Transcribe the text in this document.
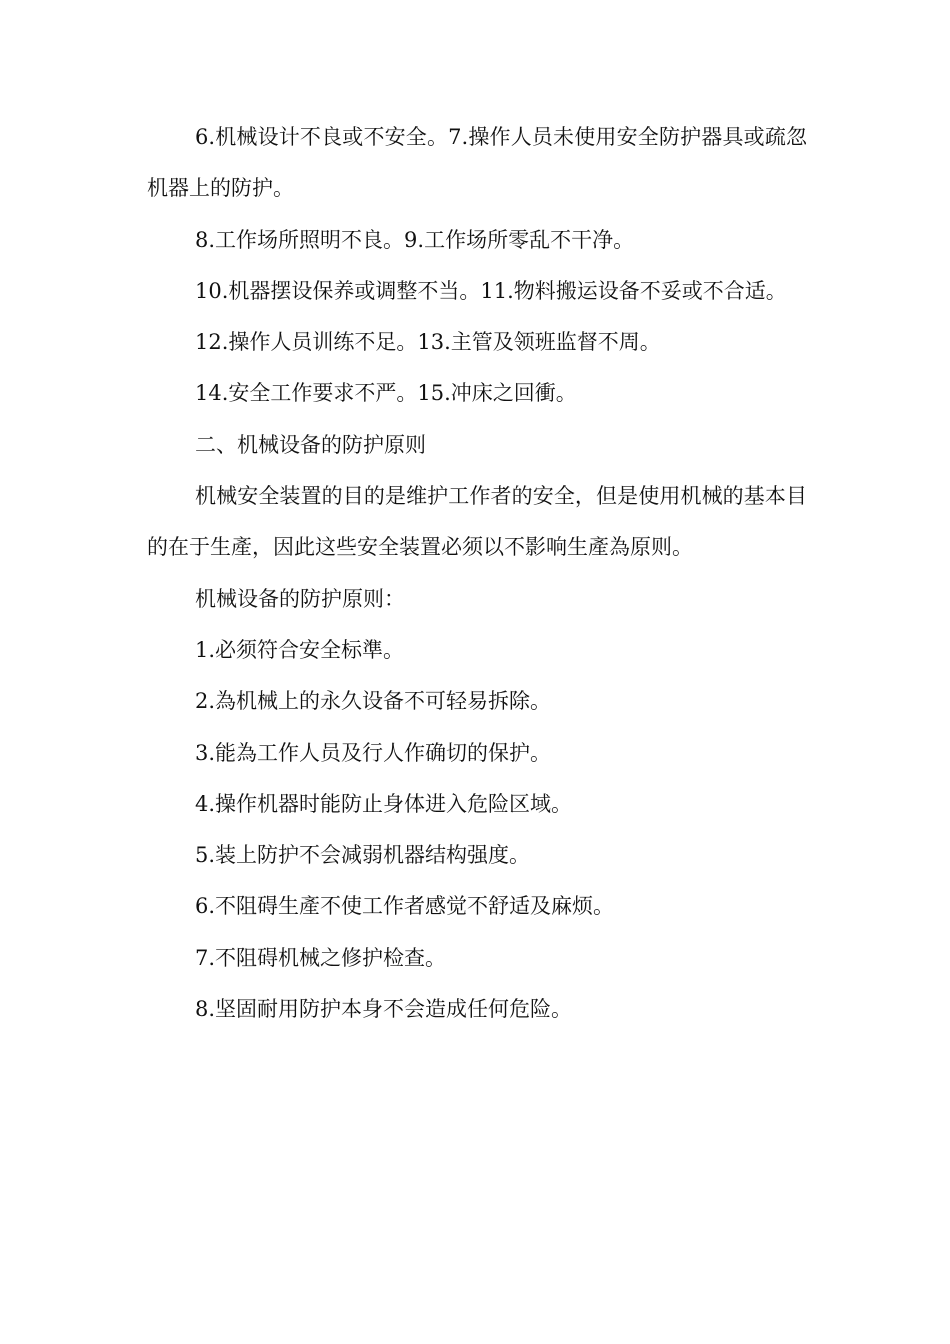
6.机械设计不良或不安全。7.操作人员未使用安全防护器具或疏忽机器上的防护。

8.工作场所照明不良。9.工作场所零乱不干净。

10.机器摆设保养或调整不当。11.物料搬运设备不妥或不合适。

12.操作人员训练不足。13.主管及领班监督不周。

14.安全工作要求不严。15.冲床之回衝。

二、机械设备的防护原则

机械安全装置的目的是维护工作者的安全，但是使用机械的基本目的在于生產，因此这些安全装置必须以不影响生產為原则。

机械设备的防护原则：

1.必须符合安全标準。

2.為机械上的永久设备不可轻易拆除。

3.能為工作人员及行人作确切的保护。

4.操作机器时能防止身体进入危险区域。

5.装上防护不会减弱机器结构强度。

6.不阻碍生產不使工作者感觉不舒适及麻烦。

7.不阻碍机械之修护检查。

8.坚固耐用防护本身不会造成任何危险。
